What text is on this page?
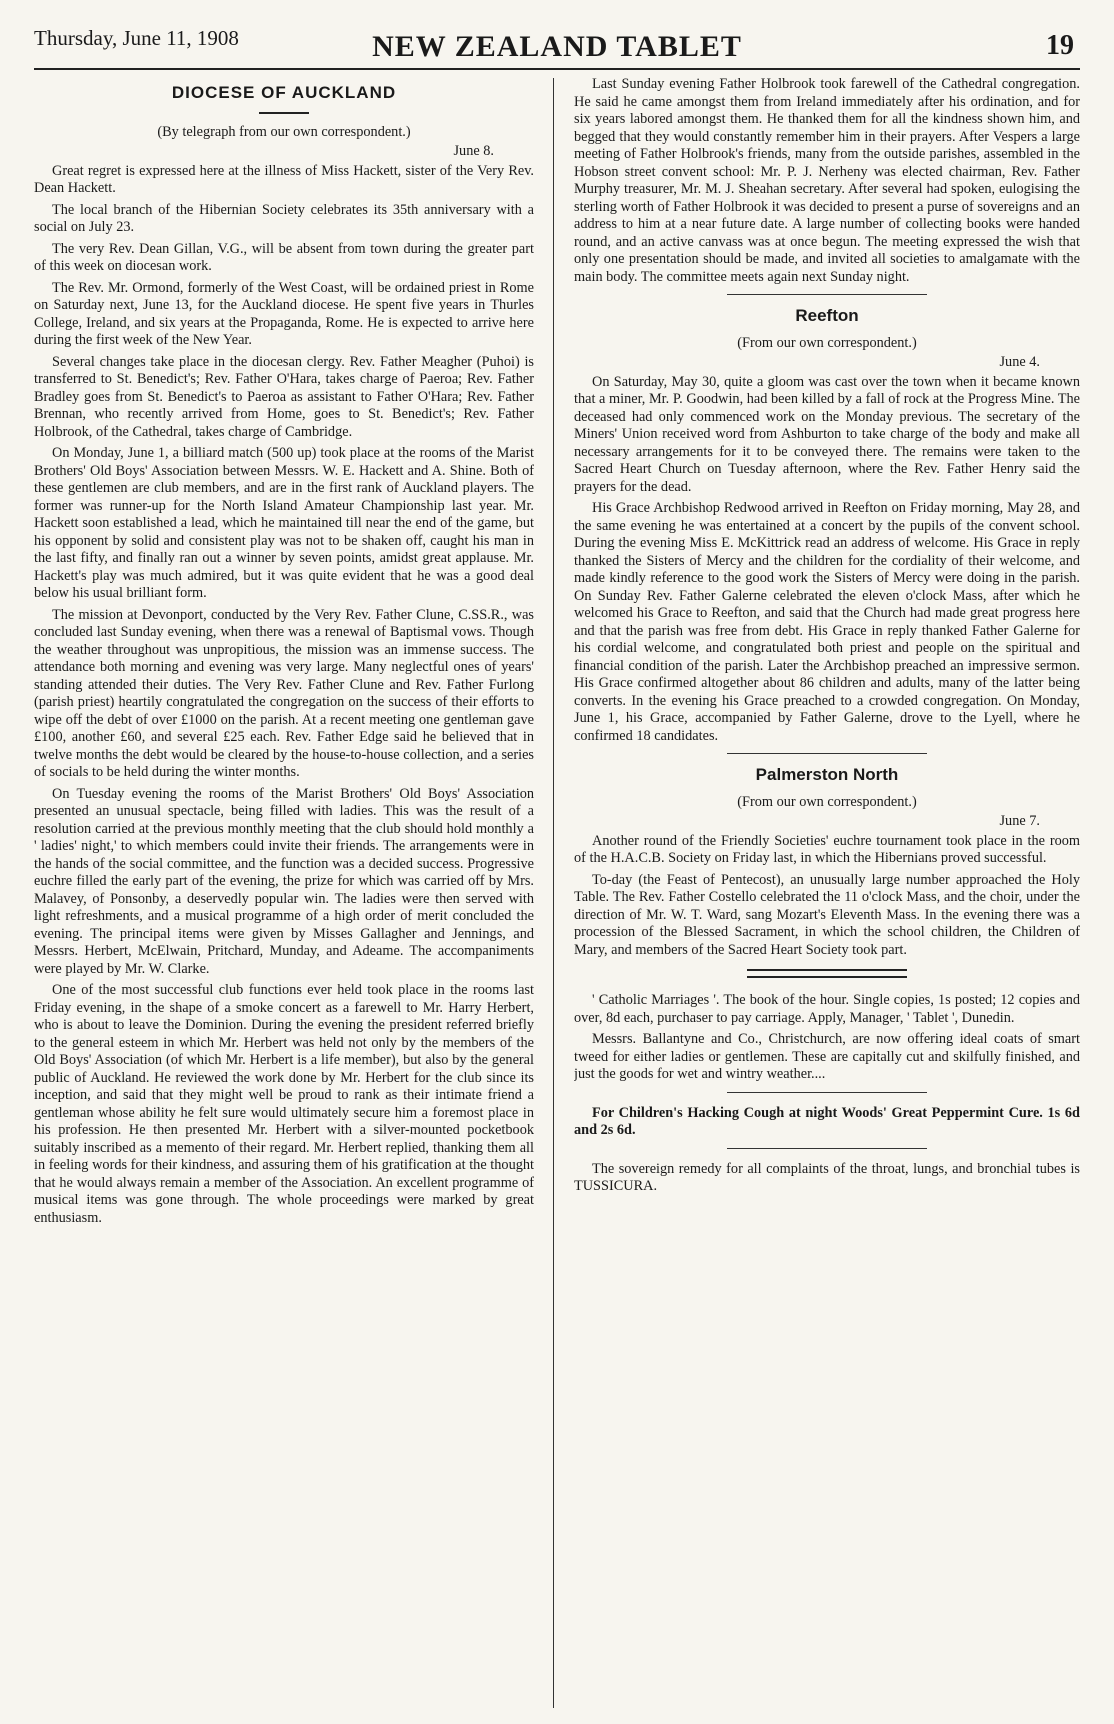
Thursday, June 11, 1908	NEW ZEALAND TABLET	19
DIOCESE OF AUCKLAND

(By telegraph from our own correspondent.)

June 8.

Great regret is expressed here at the illness of Miss Hackett, sister of the Very Rev. Dean Hackett.

The local branch of the Hibernian Society celebrates its 35th anniversary with a social on July 23.

The very Rev. Dean Gillan, V.G., will be absent from town during the greater part of this week on diocesan work.

The Rev. Mr. Ormond, formerly of the West Coast, will be ordained priest in Rome on Saturday next, June 13, for the Auckland diocese. He spent five years in Thurles College, Ireland, and six years at the Propaganda, Rome. He is expected to arrive here during the first week of the New Year.

Several changes take place in the diocesan clergy. Rev. Father Meagher (Puhoi) is transferred to St. Benedict's; Rev. Father O'Hara, takes charge of Paeroa; Rev. Father Bradley goes from St. Benedict's to Paeroa as assistant to Father O'Hara; Rev. Father Brennan, who recently arrived from Home, goes to St. Benedict's; Rev. Father Holbrook, of the Cathedral, takes charge of Cambridge.

On Monday, June 1, a billiard match (500 up) took place at the rooms of the Marist Brothers' Old Boys' Association between Messrs. W. E. Hackett and A. Shine. Both of these gentlemen are club members, and are in the first rank of Auckland players. The former was runner-up for the North Island Amateur Championship last year. Mr. Hackett soon established a lead, which he maintained till near the end of the game, but his opponent by solid and consistent play was not to be shaken off, caught his man in the last fifty, and finally ran out a winner by seven points, amidst great applause. Mr. Hackett's play was much admired, but it was quite evident that he was a good deal below his usual brilliant form.

The mission at Devonport, conducted by the Very Rev. Father Clune, C.SS.R., was concluded last Sunday evening, when there was a renewal of Baptismal vows. Though the weather throughout was unpropitious, the mission was an immense success. The attendance both morning and evening was very large. Many neglectful ones of years' standing attended their duties. The Very Rev. Father Clune and Rev. Father Furlong (parish priest) heartily congratulated the congregation on the success of their efforts to wipe off the debt of over £1000 on the parish. At a recent meeting one gentleman gave £100, another £60, and several £25 each. Rev. Father Edge said he believed that in twelve months the debt would be cleared by the house-to-house collection, and a series of socials to be held during the winter months.

On Tuesday evening the rooms of the Marist Brothers' Old Boys' Association presented an unusual spectacle, being filled with ladies. This was the result of a resolution carried at the previous monthly meeting that the club should hold monthly a ' ladies' night,' to which members could invite their friends. The arrangements were in the hands of the social committee, and the function was a decided success. Progressive euchre filled the early part of the evening, the prize for which was carried off by Mrs. Malavey, of Ponsonby, a deservedly popular win. The ladies were then served with light refreshments, and a musical programme of a high order of merit concluded the evening. The principal items were given by Misses Gallagher and Jennings, and Messrs. Herbert, McElwain, Pritchard, Munday, and Adeame. The accompaniments were played by Mr. W. Clarke.

One of the most successful club functions ever held took place in the rooms last Friday evening, in the shape of a smoke concert as a farewell to Mr. Harry Herbert, who is about to leave the Dominion. During the evening the president referred briefly to the general esteem in which Mr. Herbert was held not only by the members of the Old Boys' Association (of which Mr. Herbert is a life member), but also by the general public of Auckland. He reviewed the work done by Mr. Herbert for the club since its inception, and said that they might well be proud to rank as their intimate friend a gentleman whose ability he felt sure would ultimately secure him a foremost place in his profession. He then presented Mr. Herbert with a silver-mounted pocketbook suitably inscribed as a memento of their regard. Mr. Herbert replied, thanking them all in feeling words for their kindness, and assuring them of his gratification at the thought that he would always remain a member of the Association. An excellent programme of musical items was gone through. The whole proceedings were marked by great enthusiasm.

Last Sunday evening Father Holbrook took farewell of the Cathedral congregation. He said he came amongst them from Ireland immediately after his ordination, and for six years labored amongst them. He thanked them for all the kindness shown him, and begged that they would constantly remember him in their prayers. After Vespers a large meeting of Father Holbrook's friends, many from the outside parishes, assembled in the Hobson street convent school: Mr. P. J. Nerheny was elected chairman, Rev. Father Murphy treasurer, Mr. M. J. Sheahan secretary. After several had spoken, eulogising the sterling worth of Father Holbrook it was decided to present a purse of sovereigns and an address to him at a near future date. A large number of collecting books were handed round, and an active canvass was at once begun. The meeting expressed the wish that only one presentation should be made, and invited all societies to amalgamate with the main body. The committee meets again next Sunday night.

Reefton

(From our own correspondent.)

June 4.

On Saturday, May 30, quite a gloom was cast over the town when it became known that a miner, Mr. P. Goodwin, had been killed by a fall of rock at the Progress Mine. The deceased had only commenced work on the Monday previous. The secretary of the Miners' Union received word from Ashburton to take charge of the body and make all necessary arrangements for it to be conveyed there. The remains were taken to the Sacred Heart Church on Tuesday afternoon, where the Rev. Father Henry said the prayers for the dead.

His Grace Archbishop Redwood arrived in Reefton on Friday morning, May 28, and the same evening he was entertained at a concert by the pupils of the convent school. During the evening Miss E. McKittrick read an address of welcome. His Grace in reply thanked the Sisters of Mercy and the children for the cordiality of their welcome, and made kindly reference to the good work the Sisters of Mercy were doing in the parish. On Sunday Rev. Father Galerne celebrated the eleven o'clock Mass, after which he welcomed his Grace to Reefton, and said that the Church had made great progress here and that the parish was free from debt. His Grace in reply thanked Father Galerne for his cordial welcome, and congratulated both priest and people on the spiritual and financial condition of the parish. Later the Archbishop preached an impressive sermon. His Grace confirmed altogether about 86 children and adults, many of the latter being converts. In the evening his Grace preached to a crowded congregation. On Monday, June 1, his Grace, accompanied by Father Galerne, drove to the Lyell, where he confirmed 18 candidates.

Palmerston North

(From our own correspondent.)

June 7.

Another round of the Friendly Societies' euchre tournament took place in the room of the H.A.C.B. Society on Friday last, in which the Hibernians proved successful.

To-day (the Feast of Pentecost), an unusually large number approached the Holy Table. The Rev. Father Costello celebrated the 11 o'clock Mass, and the choir, under the direction of Mr. W. T. Ward, sang Mozart's Eleventh Mass. In the evening there was a procession of the Blessed Sacrament, in which the school children, the Children of Mary, and members of the Sacred Heart Society took part.

' Catholic Marriages '. The book of the hour. Single copies, 1s posted; 12 copies and over, 8d each, purchaser to pay carriage. Apply, Manager, ' Tablet ', Dunedin.

Messrs. Ballantyne and Co., Christchurch, are now offering ideal coats of smart tweed for either ladies or gentlemen. These are capitally cut and skilfully finished, and just the goods for wet and wintry weather....

For Children's Hacking Cough at night Woods' Great Peppermint Cure. 1s 6d and 2s 6d.

The sovereign remedy for all complaints of the throat, lungs, and bronchial tubes is TUSSICURA.
